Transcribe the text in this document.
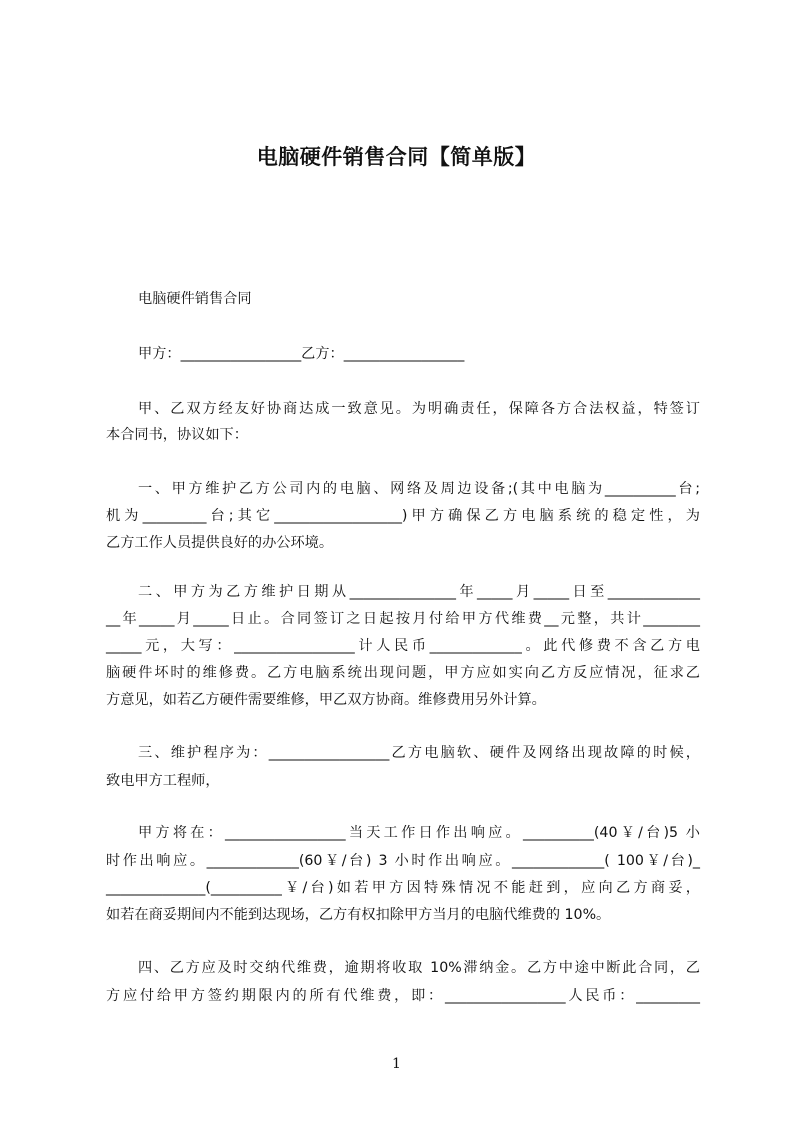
电脑硬件销售合同【简单版】
电脑硬件销售合同
甲方：_________________乙方：_________________
甲、乙双方经友好协商达成一致意见。为明确责任，保障各方合法权益，特签订
本合同书，协议如下：
一、甲方维护乙方公司内的电脑、网络及周边设备;(其中电脑为__________台;
机为_________台;其它__________________)甲方确保乙方电脑系统的稳定性，为
乙方工作人员提供良好的办公环境。
二、甲方为乙方维护日期从_______________年_____月_____日至_____________
__年_____月_____日止。合同签订之日起按月付给甲方代维费__元整，共计________
_____元，大写：_________________计人民币_____________。此代修费不含乙方电
脑硬件坏时的维修费。乙方电脑系统出现问题，甲方应如实向乙方反应情况，征求乙
方意见，如若乙方硬件需要维修，甲乙双方协商。维修费用另外计算。
三、维护程序为：_________________乙方电脑软、硬件及网络出现故障的时候，
致电甲方工程师，
甲方将在：_________________当天工作日作出响应。__________(40￥/台)5 小
时作出响应。_____________(60￥/台) 3 小时作出响应。_____________( 100￥/台)_
______________(__________￥/台)如若甲方因特殊情况不能赶到，应向乙方商妥，
如若在商妥期间内不能到达现场，乙方有权扣除甲方当月的电脑代维费的 10%。
四、乙方应及时交纳代维费，逾期将收取 10%滞纳金。乙方中途中断此合同，乙
方应付给甲方签约期限内的所有代维费，即：_________________人民币：_________
1
